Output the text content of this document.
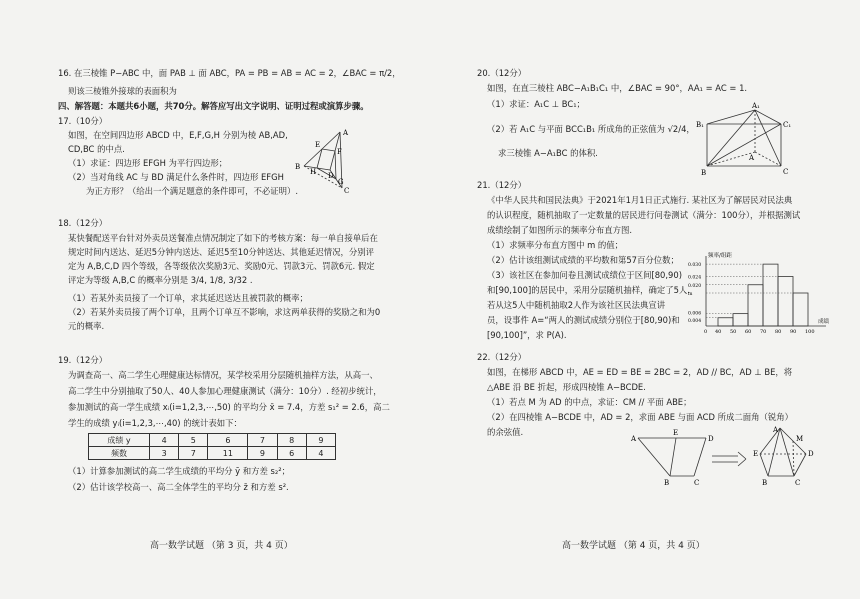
16. 在三棱锥 P−ABC 中，面 PAB ⊥ 面 ABC，PA = PB = AB = AC = 2，∠BAC = π/2，
则该三棱锥外接球的表面积为
四、解答题：本题共6小题，共70分。解答应写出文字说明、证明过程或演算步骤。
17.（10分）
如图，在空间四边形 ABCD 中，E,F,G,H 分别为棱 AB,AD,
CD,BC 的中点.
（1）求证：四边形 EFGH 为平行四边形；
（2）当对角线 AC 与 BD 满足什么条件时，四边形 EFGH
为正方形？（给出一个满足题意的条件即可，不必证明）.
A
B
C
D
E
F
G
H
18.（12分）
某快餐配送平台针对外卖员送餐准点情况制定了如下的考核方案：每一单自接单后在
规定时间内送达、延迟5分钟内送达、延迟5至10分钟送达、其他延迟情况，分别评
定为 A,B,C,D 四个等级，各等级依次奖励3元、奖励0元、罚款3元、罚款6元. 假定
评定为等级 A,B,C 的概率分别是 3/4, 1/8, 3/32 .
（1）若某外卖员接了一个订单，求其延迟送达且被罚款的概率；
（2）若某外卖员接了两个订单，且两个订单互不影响，求这两单获得的奖励之和为0
元的概率.
19.（12分）
为调查高一、高二学生心理健康达标情况，某学校采用分层随机抽样方法，从高一、
高二学生中分别抽取了50人、40人参加心理健康测试（满分：10分）. 经初步统计，
参加测试的高一学生成绩 xᵢ(i=1,2,3,⋯,50) 的平均分 x̄ = 7.4，方差 s₁² = 2.6，高二
学生的成绩 yᵢ(i=1,2,3,⋯,40) 的统计表如下：
成绩 y	4	5	6	7	8	9
频数	3	7	11	9	6	4
（1）计算参加测试的高二学生成绩的平均分 ȳ 和方差 s₂²；
（2）估计该学校高一、高二全体学生的平均分 z̄ 和方差 s².
高一数学试题 （第 3 页，共 4 页）
20.（12分）
如图，在直三棱柱 ABC−A₁B₁C₁ 中，∠BAC = 90°，AA₁ = AC = 1.
（1）求证：A₁C ⊥ BC₁；
（2）若 A₁C 与平面 BCC₁B₁ 所成角的正弦值为 √2/4，
求三棱锥 A−A₁BC 的体积.
A₁
B₁	C₁
A
B	C
21.（12分）
《中华人民共和国民法典》于2021年1月1日正式施行. 某社区为了解居民对民法典
的认识程度，随机抽取了一定数量的居民进行问卷测试（满分：100分），并根据测试
成绩绘制了如图所示的频率分布直方图.
（1）求频率分布直方图中 m 的值；
（2）估计该组测试成绩的平均数和第57百分位数；
（3）该社区在参加问卷且测试成绩位于区间[80,90)
和[90,100]的居民中，采用分层随机抽样，确定了5人.
若从这5人中随机抽取2人作为该社区民法典宣讲
员，设事件 A=“两人的测试成绩分别位于[80,90)和
[90,100]”，求 P(A).
频率/组距
成绩
0 40 50 60 70 80 90 100
0.030
0.024
0.020
m
0.006
0.004
22.（12分）
如图，在梯形 ABCD 中，AE = ED = BE = 2BC = 2，AD // BC，AD ⊥ BE，将
△ABE 沿 BE 折起，形成四棱锥 A−BCDE.
（1）若点 M 为 AD 的中点，求证：CM // 平面 ABE；
（2）在四棱锥 A−BCDE 中，AD = 2，求面 ABE 与面 ACD 所成二面角（锐角）
的余弦值.
A
E
D
B	C
A
E	D
B	C
M
高一数学试题 （第 4 页，共 4 页）
